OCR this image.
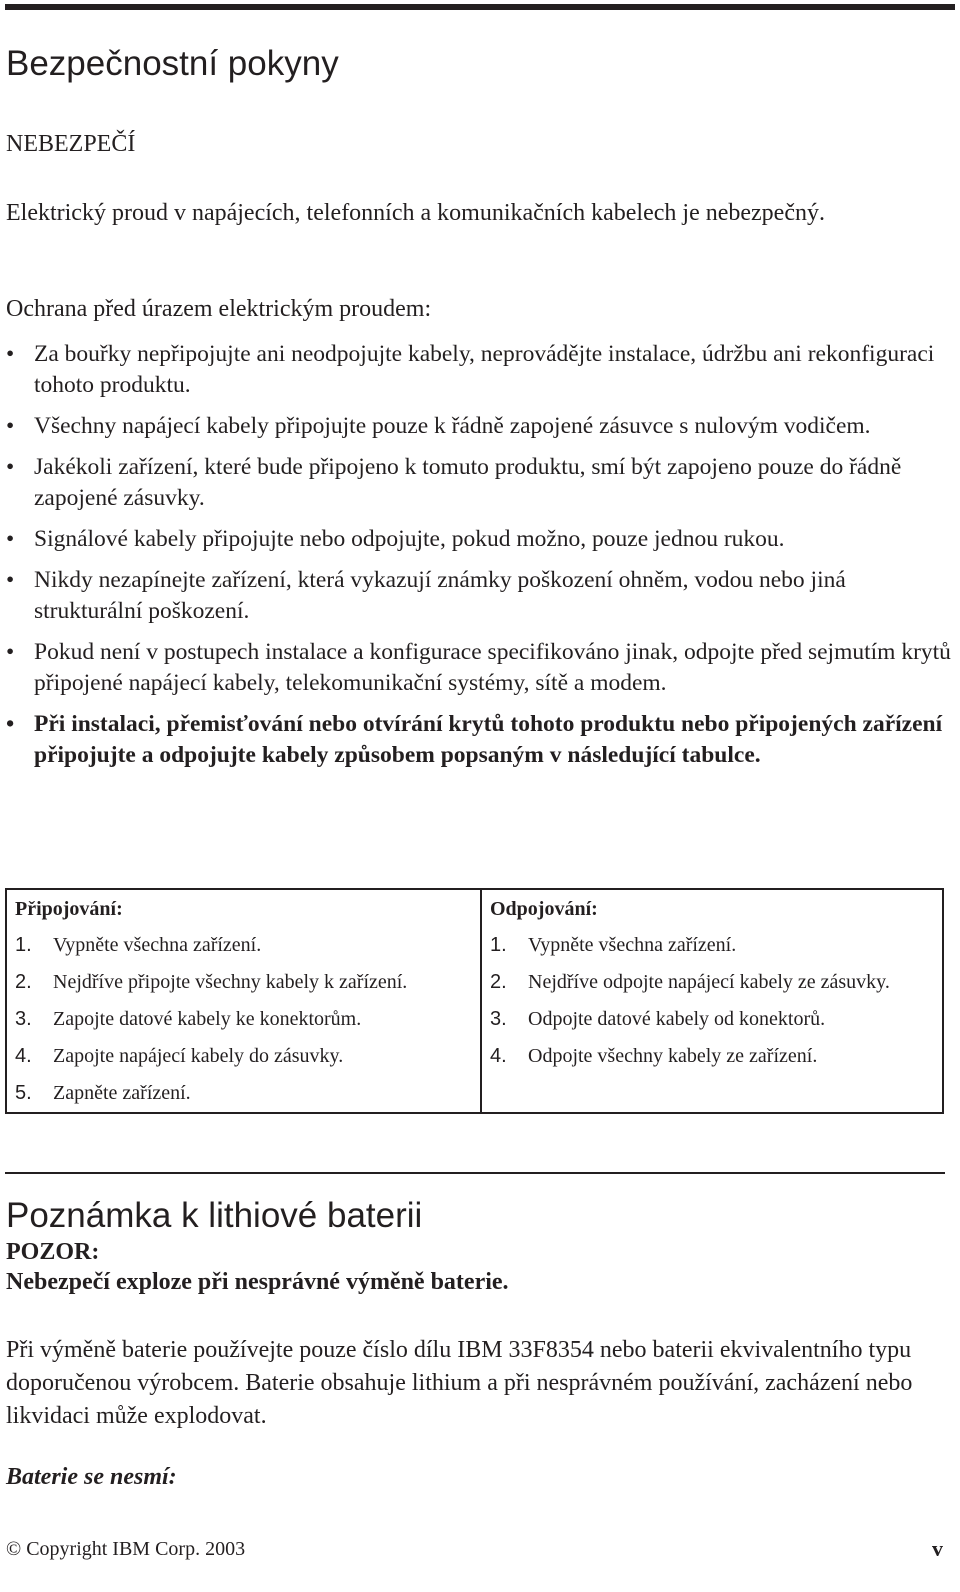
Bezpečnostní pokyny
NEBEZPEČÍ
Elektrický proud v napájecích, telefonních a komunikačních kabelech je nebezpečný.
Ochrana před úrazem elektrickým proudem:
• Za bouřky nepřipojujte ani neodpojujte kabely, neprovádějte instalace, údržbu ani rekonfiguraci tohoto produktu.
• Všechny napájecí kabely připojujte pouze k řádně zapojené zásuvce s nulovým vodičem.
• Jakékoli zařízení, které bude připojeno k tomuto produktu, smí být zapojeno pouze do řádně zapojené zásuvky.
• Signálové kabely připojujte nebo odpojujte, pokud možno, pouze jednou rukou.
• Nikdy nezapínejte zařízení, která vykazují známky poškození ohněm, vodou nebo jiná strukturální poškození.
• Pokud není v postupech instalace a konfigurace specifikováno jinak, odpojte před sejmutím krytů připojené napájecí kabely, telekomunikační systémy, sítě a modem.
• Při instalaci, přemisťování nebo otvírání krytů tohoto produktu nebo připojených zařízení připojujte a odpojujte kabely způsobem popsaným v následující tabulce.
Připojování:
1. Vypněte všechna zařízení.
2. Nejdříve připojte všechny kabely k zařízení.
3. Zapojte datové kabely ke konektorům.
4. Zapojte napájecí kabely do zásuvky.
5. Zapněte zařízení.
Odpojování:
1. Vypněte všechna zařízení.
2. Nejdříve odpojte napájecí kabely ze zásuvky.
3. Odpojte datové kabely od konektorů.
4. Odpojte všechny kabely ze zařízení.
Poznámka k lithiové baterii
POZOR:
Nebezpečí exploze při nesprávné výměně baterie.
Při výměně baterie používejte pouze číslo dílu IBM 33F8354 nebo baterii ekvivalentního typu doporučenou výrobcem. Baterie obsahuje lithium a při nesprávném používání, zacházení nebo likvidaci může explodovat.
Baterie se nesmí:
© Copyright IBM Corp. 2003	v
